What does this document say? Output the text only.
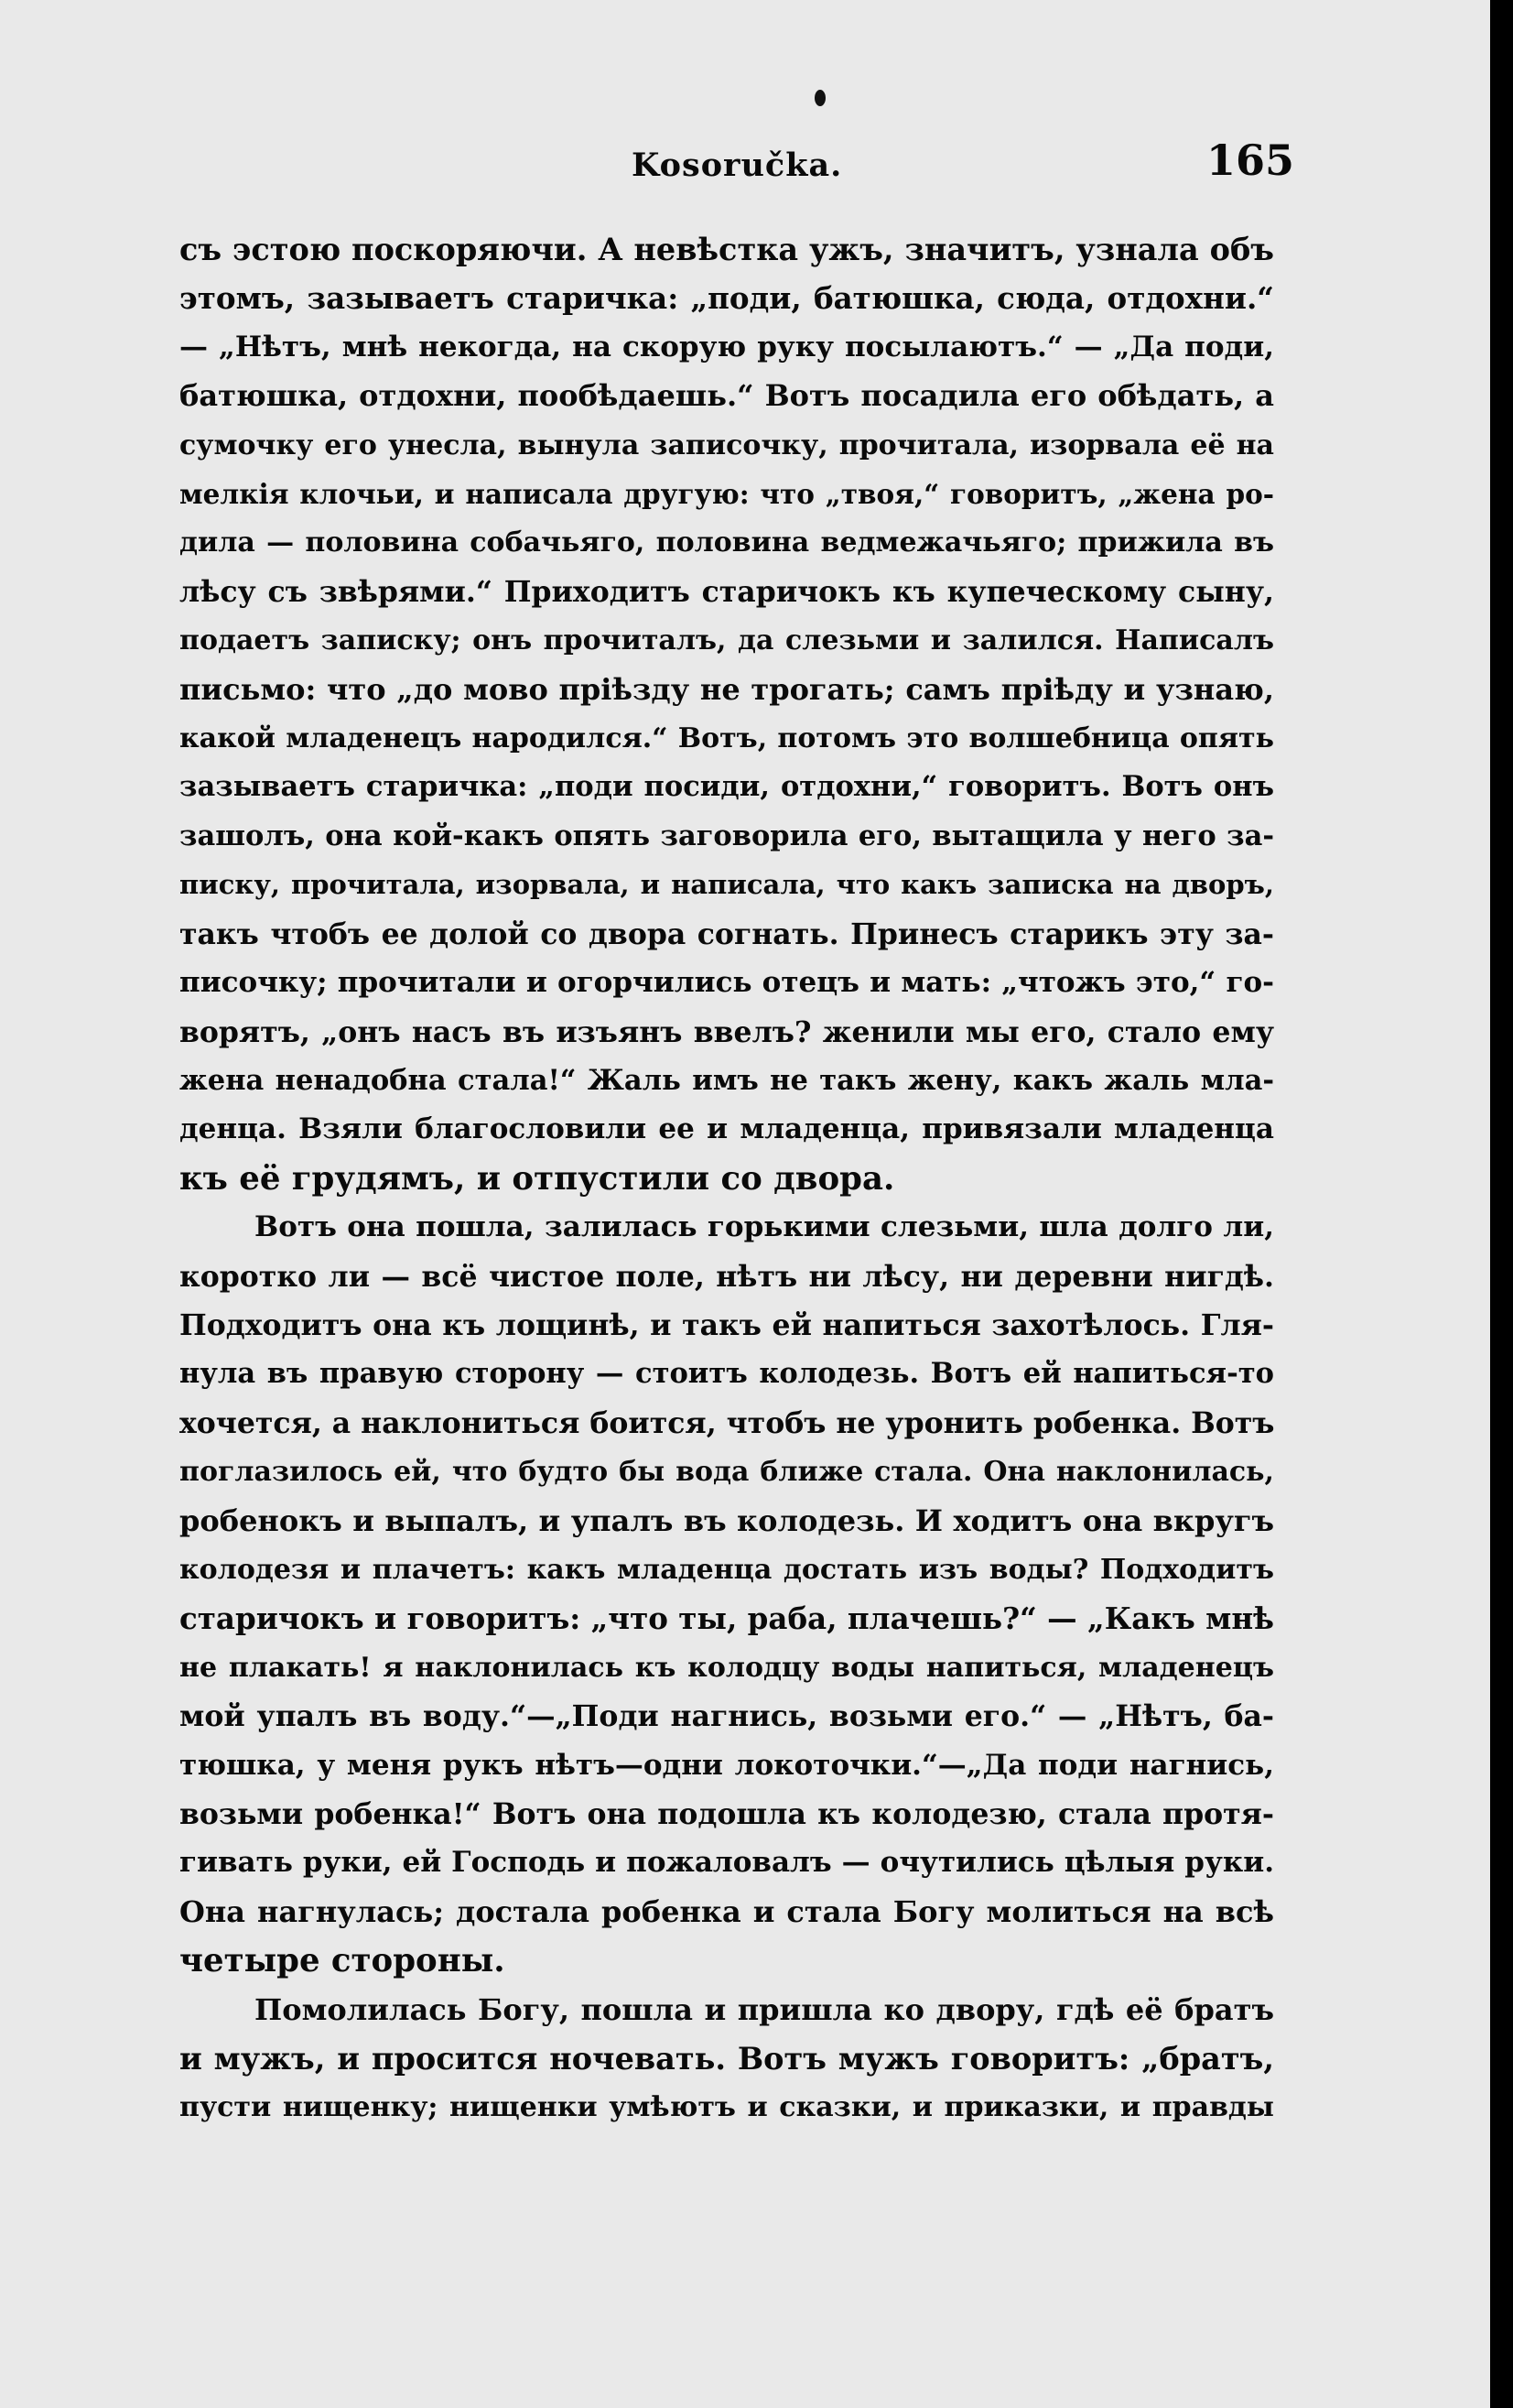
Kosoručka.	165
съ эстою поскоряючи. А невѣстка ужъ, значитъ, узнала объ
этомъ, зазываетъ старичка: „поди, батюшка, сюда, отдохни.“
— „Нѣтъ, мнѣ некогда, на скорую руку посылаютъ.“ — „Да поди,
батюшка, отдохни, пообѣдаешь.“ Вотъ посадила его обѣдать, а
сумочку его унесла, вынула записочку, прочитала, изорвала её на
мелкія клочьи, и написала другую: что „твоя,“ говоритъ, „жена ро-
дила — половина собачьяго, половина ведмежачьяго; прижила въ
лѣсу съ звѣрями.“ Приходитъ старичокъ къ купеческому сыну,
подаетъ записку; онъ прочиталъ, да слезьми и залился. Написалъ
письмо: что „до мово пріѣзду не трогать; самъ пріѣду и узнаю,
какой младенецъ народился.“ Вотъ, потомъ это волшебница опять
зазываетъ старичка: „поди посиди, отдохни,“ говоритъ. Вотъ онъ
зашолъ, она кой-какъ опять заговорила его, вытащила у него за-
писку, прочитала, изорвала, и написала, что какъ записка на дворъ,
такъ чтобъ ее долой со двора согнать. Принесъ старикъ эту за-
писочку; прочитали и огорчились отецъ и мать: „чтожъ это,“ го-
ворятъ, „онъ насъ въ изъянъ ввелъ? женили мы его, стало ему
жена ненадобна стала!“ Жаль имъ не такъ жену, какъ жаль мла-
денца. Взяли благословили ее и младенца, привязали младенца
къ её грудямъ, и отпустили со двора.
Вотъ она пошла, залилась горькими слезьми, шла долго ли,
коротко ли — всё чистое поле, нѣтъ ни лѣсу, ни деревни нигдѣ.
Подходитъ она къ лощинѣ, и такъ ей напиться захотѣлось. Гля-
нула въ правую сторону — стоитъ колодезь. Вотъ ей напиться-то
хочется, а наклониться боится, чтобъ не уронить робенка. Вотъ
поглазилось ей, что будто бы вода ближе стала. Она наклонилась,
робенокъ и выпалъ, и упалъ въ колодезь. И ходитъ она вкругъ
колодезя и плачетъ: какъ младенца достать изъ воды? Подходитъ
старичокъ и говоритъ: „что ты, раба, плачешь?“ — „Какъ мнѣ
не плакать! я наклонилась къ колодцу воды напиться, младенецъ
мой упалъ въ воду.“—„Поди нагнись, возьми его.“ — „Нѣтъ, ба-
тюшка, у меня рукъ нѣтъ—одни локоточки.“—„Да поди нагнись,
возьми робенка!“ Вотъ она подошла къ колодезю, стала протя-
гивать руки, ей Господь и пожаловалъ — очутились цѣлыя руки.
Она нагнулась; достала робенка и стала Богу молиться на всѣ
четыре стороны.
Помолилась Богу, пошла и пришла ко двору, гдѣ её братъ
и мужъ, и просится ночевать. Вотъ мужъ говоритъ: „братъ,
пусти нищенку; нищенки умѣютъ и сказки, и приказки, и правды
